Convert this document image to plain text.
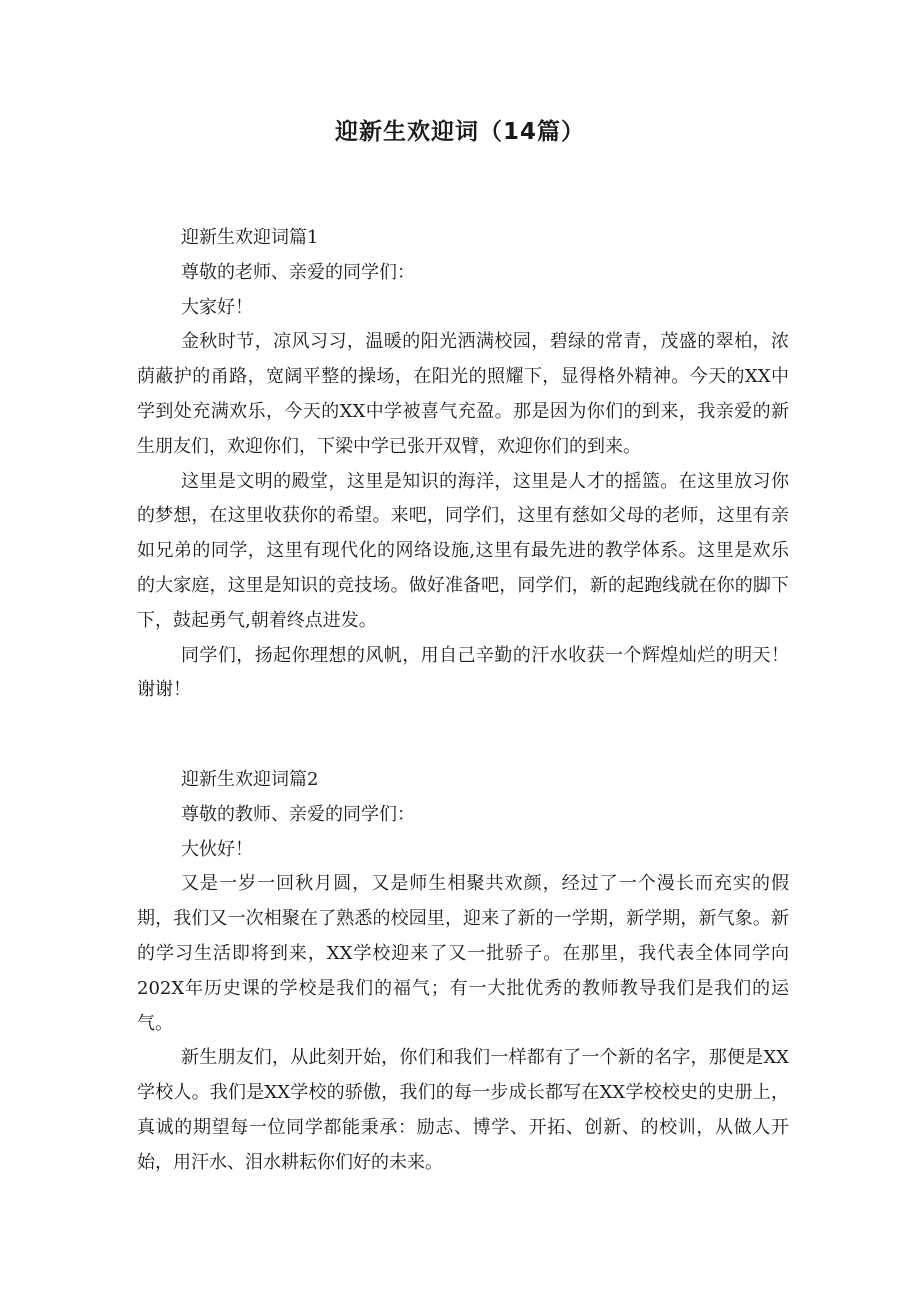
迎新生欢迎词（14篇）
迎新生欢迎词篇1
尊敬的老师、亲爱的同学们：
大家好！

金秋时节，凉风习习，温暖的阳光洒满校园，碧绿的常青，茂盛的翠柏，浓荫蔽护的甬路，宽阔平整的操场，在阳光的照耀下，显得格外精神。今天的XX中学到处充满欢乐，今天的XX中学被喜气充盈。那是因为你们的到来，我亲爱的新生朋友们，欢迎你们，下梁中学已张开双臂，欢迎你们的到来。

这里是文明的殿堂，这里是知识的海洋，这里是人才的摇篮。在这里放习你的梦想，在这里收获你的希望。来吧，同学们，这里有慈如父母的老师，这里有亲如兄弟的同学，这里有现代化的网络设施,这里有最先进的教学体系。这里是欢乐的大家庭，这里是知识的竞技场。做好准备吧，同学们，新的起跑线就在你的脚下下，鼓起勇气,朝着终点进发。

同学们，扬起你理想的风帆，用自己辛勤的汗水收获一个辉煌灿烂的明天！谢谢！

迎新生欢迎词篇2
尊敬的教师、亲爱的同学们：
大伙好！

又是一岁一回秋月圆，又是师生相聚共欢颜，经过了一个漫长而充实的假期，我们又一次相聚在了熟悉的校园里，迎来了新的一学期，新学期，新气象。新的学习生活即将到来，XX学校迎来了又一批骄子。在那里，我代表全体同学向202X年历史课的学校是我们的福气；有一大批优秀的教师教导我们是我们的运气。

新生朋友们，从此刻开始，你们和我们一样都有了一个新的名字，那便是XX学校人。我们是XX学校的骄傲，我们的每一步成长都写在XX学校校史的史册上，真诚的期望每一位同学都能秉承：励志、博学、开拓、创新、的校训，从做人开始，用汗水、泪水耕耘你们好的未来。
